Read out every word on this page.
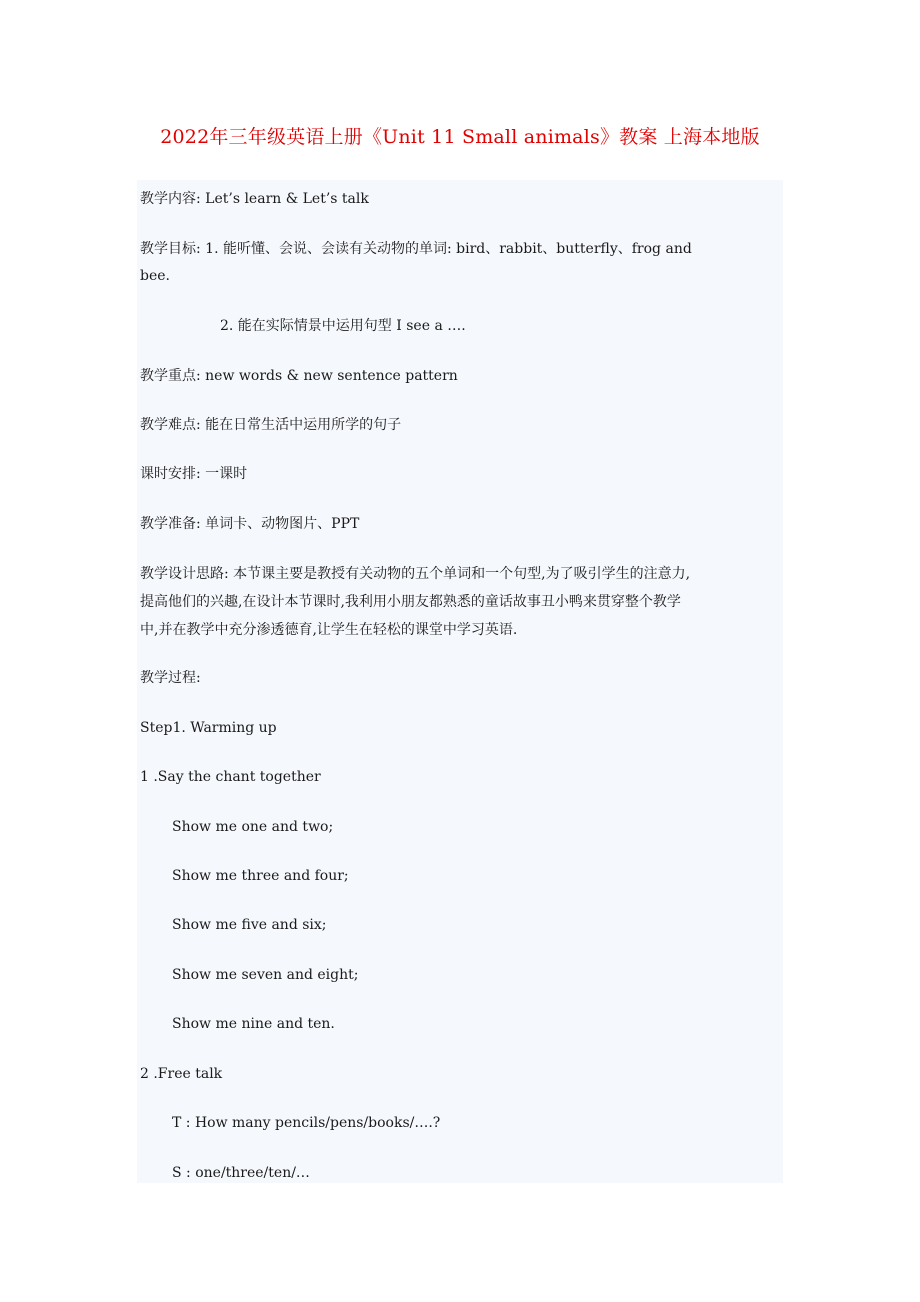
2022年三年级英语上册《Unit 11 Small animals》教案 上海本地版
教学内容: Let’s learn & Let’s talk
教学目标: 1. 能听懂、会说、会读有关动物的单词: bird、rabbit、butterfly、frog and
bee.
2. 能在实际情景中运用句型 I see a ….
教学重点: new words & new sentence pattern
教学难点: 能在日常生活中运用所学的句子
课时安排: 一课时
教学准备: 单词卡、动物图片、PPT
教学设计思路: 本节课主要是教授有关动物的五个单词和一个句型,为了吸引学生的注意力,
提高他们的兴趣,在设计本节课时,我利用小朋友都熟悉的童话故事丑小鸭来贯穿整个教学
中,并在教学中充分渗透德育,让学生在轻松的课堂中学习英语.
教学过程:
Step1. Warming up
1 .Say the chant together
Show me one and two;
Show me three and four;
Show me five and six;
Show me seven and eight;
Show me nine and ten.
2 .Free talk
T : How many pencils/pens/books/….?
S : one/three/ten/…
